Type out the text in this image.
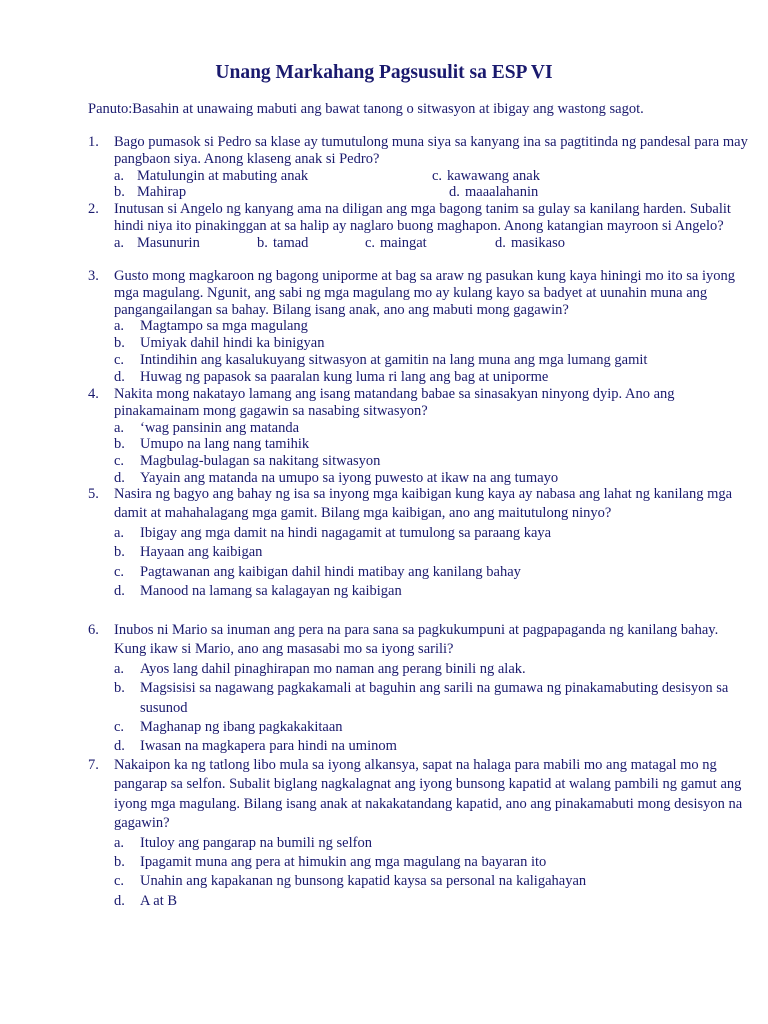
Unang Markahang Pagsusulit sa ESP VI
Panuto:Basahin at unawaing mabuti ang bawat tanong o sitwasyon at ibigay ang wastong sagot.
1.	Bago pumasok si Pedro sa klase ay tumutulong muna siya sa kanyang ina sa pagtitinda ng pandesal para may pangbaon siya. Anong klaseng anak si Pedro?
a. Matulungin at mabuting anak
b. Mahirap
c. kawawang anak
d. maaalahanin
2.	Inutusan si Angelo ng kanyang ama na diligan ang mga bagong tanim sa gulay sa kanilang harden. Subalit hindi niya ito pinakinggan at sa halip ay naglaro buong maghapon. Anong katangian mayroon si Angelo?
a. Masunurin	b. tamad	c. maingat	d. masikaso
3.	Gusto mong magkaroon ng bagong uniporme at bag sa araw ng pasukan kung kaya hiningi mo ito sa iyong mga magulang. Ngunit, ang sabi ng mga magulang mo ay kulang kayo sa badyet at uunahin muna ang pangangailangan sa bahay. Bilang isang anak, ano ang mabuti mong gagawin?
a.	Magtampo sa mga magulang
b.	Umiyak dahil hindi ka binigyan
c.	Intindihin ang kasalukuyang sitwasyon at gamitin na lang muna ang mga lumang gamit
d.	Huwag ng papasok sa paaralan kung luma ri lang ang bag at uniporme
4.	Nakita mong nakatayo lamang ang isang matandang babae sa sinasakyan ninyong dyip. Ano ang pinakamainam mong gagawin sa nasabing sitwasyon?
a.	‘wag pansinin ang matanda
b.	Umupo na lang nang tamihik
c.	Magbulag-bulagan sa nakitang sitwasyon
d.	Yayain ang matanda na umupo sa iyong puwesto at ikaw na ang tumayo
5.	Nasira ng bagyo ang bahay ng isa sa inyong mga kaibigan kung kaya ay nabasa ang lahat ng kanilang mga damit at mahahalagang mga gamit. Bilang mga kaibigan, ano ang maitutulong ninyo?
a.	Ibigay ang mga damit na hindi nagagamit at tumulong sa paraang kaya
b.	Hayaan ang kaibigan
c.	Pagtawanan ang kaibigan dahil hindi matibay ang kanilang bahay
d.	Manood na lamang sa kalagayan ng kaibigan
6.	Inubos ni Mario sa inuman ang pera na para sana sa pagkukumpuni at pagpapaganda ng kanilang bahay. Kung ikaw si Mario, ano ang masasabi mo sa iyong sarili?
a.	Ayos lang dahil pinaghirapan mo naman ang perang binili ng alak.
b.	Magsisisi sa nagawang pagkakamali at baguhin ang sarili na gumawa ng pinakamabuting desisyon sa susunod
c.	Maghanap ng ibang pagkakakitaan
d.	Iwasan na magkapera para hindi na uminom
7.	Nakaipon ka ng tatlong libo mula sa iyong alkansya, sapat na halaga para mabili mo ang matagal mo ng pangarap sa selfon. Subalit biglang nagkalagnat ang iyong bunsong kapatid at walang pambili ng gamut ang iyong mga magulang. Bilang isang anak at nakakatandang kapatid, ano ang pinakamabuti mong desisyon na gagawin?
a.	Ituloy ang pangarap na bumili ng selfon
b.	Ipagamit muna ang pera at himukin ang mga magulang na bayaran ito
c.	Unahin ang kapakanan ng bunsong kapatid kaysa sa personal na kaligahayan
d.	A at B
